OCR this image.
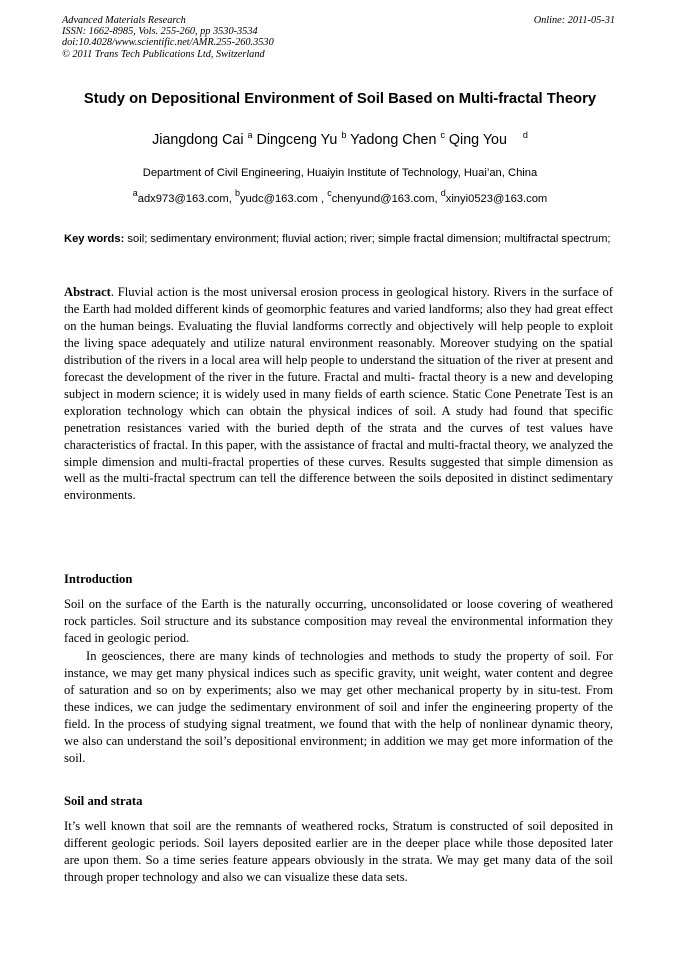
Advanced Materials Research
ISSN: 1662-8985, Vols. 255-260, pp 3530-3534
doi:10.4028/www.scientific.net/AMR.255-260.3530
© 2011 Trans Tech Publications Ltd, Switzerland
Online: 2011-05-31
Study on Depositional Environment of Soil Based on Multi-fractal Theory
Jiangdong Cai $^a$ Dingceng Yu $^b$ Yadong Chen $^c$ Qing You $^d$
Department of Civil Engineering, Huaiyin Institute of Technology, Huai’an, China
$^a$adx973@163.com, $^b$yudc@163.com , $^c$chenyund@163.com, $^d$xinyi0523@163.com
Key words: soil; sedimentary environment; fluvial action; river; simple fractal dimension; multifractal spectrum;
Abstract. Fluvial action is the most universal erosion process in geological history. Rivers in the surface of the Earth had molded different kinds of geomorphic features and varied landforms; also they had great effect on the human beings. Evaluating the fluvial landforms correctly and objectively will help people to exploit the living space adequately and utilize natural environment reasonably. Moreover studying on the spatial distribution of the rivers in a local area will help people to understand the situation of the river at present and forecast the development of the river in the future. Fractal and multi- fractal theory is a new and developing subject in modern science; it is widely used in many fields of earth science. Static Cone Penetrate Test is an exploration technology which can obtain the physical indices of soil. A study had found that specific penetration resistances varied with the buried depth of the strata and the curves of test values have characteristics of fractal. In this paper, with the assistance of fractal and multi-fractal theory, we analyzed the simple dimension and multi-fractal properties of these curves. Results suggested that simple dimension as well as the multi-fractal spectrum can tell the difference between the soils deposited in distinct sedimentary environments.
Introduction
Soil on the surface of the Earth is the naturally occurring, unconsolidated or loose covering of weathered rock particles. Soil structure and its substance composition may reveal the environmental information they faced in geologic period.
In geosciences, there are many kinds of technologies and methods to study the property of soil. For instance, we may get many physical indices such as specific gravity, unit weight, water content and degree of saturation and so on by experiments; also we may get other mechanical property by in situ-test. From these indices, we can judge the sedimentary environment of soil and infer the engineering property of the field. In the process of studying signal treatment, we found that with the help of nonlinear dynamic theory, we also can understand the soil’s depositional environment; in addition we may get more information of the soil.
Soil and strata
It’s well known that soil are the remnants of weathered rocks, Stratum is constructed of soil deposited in different geologic periods. Soil layers deposited earlier are in the deeper place while those deposited later are upon them. So a time series feature appears obviously in the strata. We may get many data of the soil through proper technology and also we can visualize these data sets.
